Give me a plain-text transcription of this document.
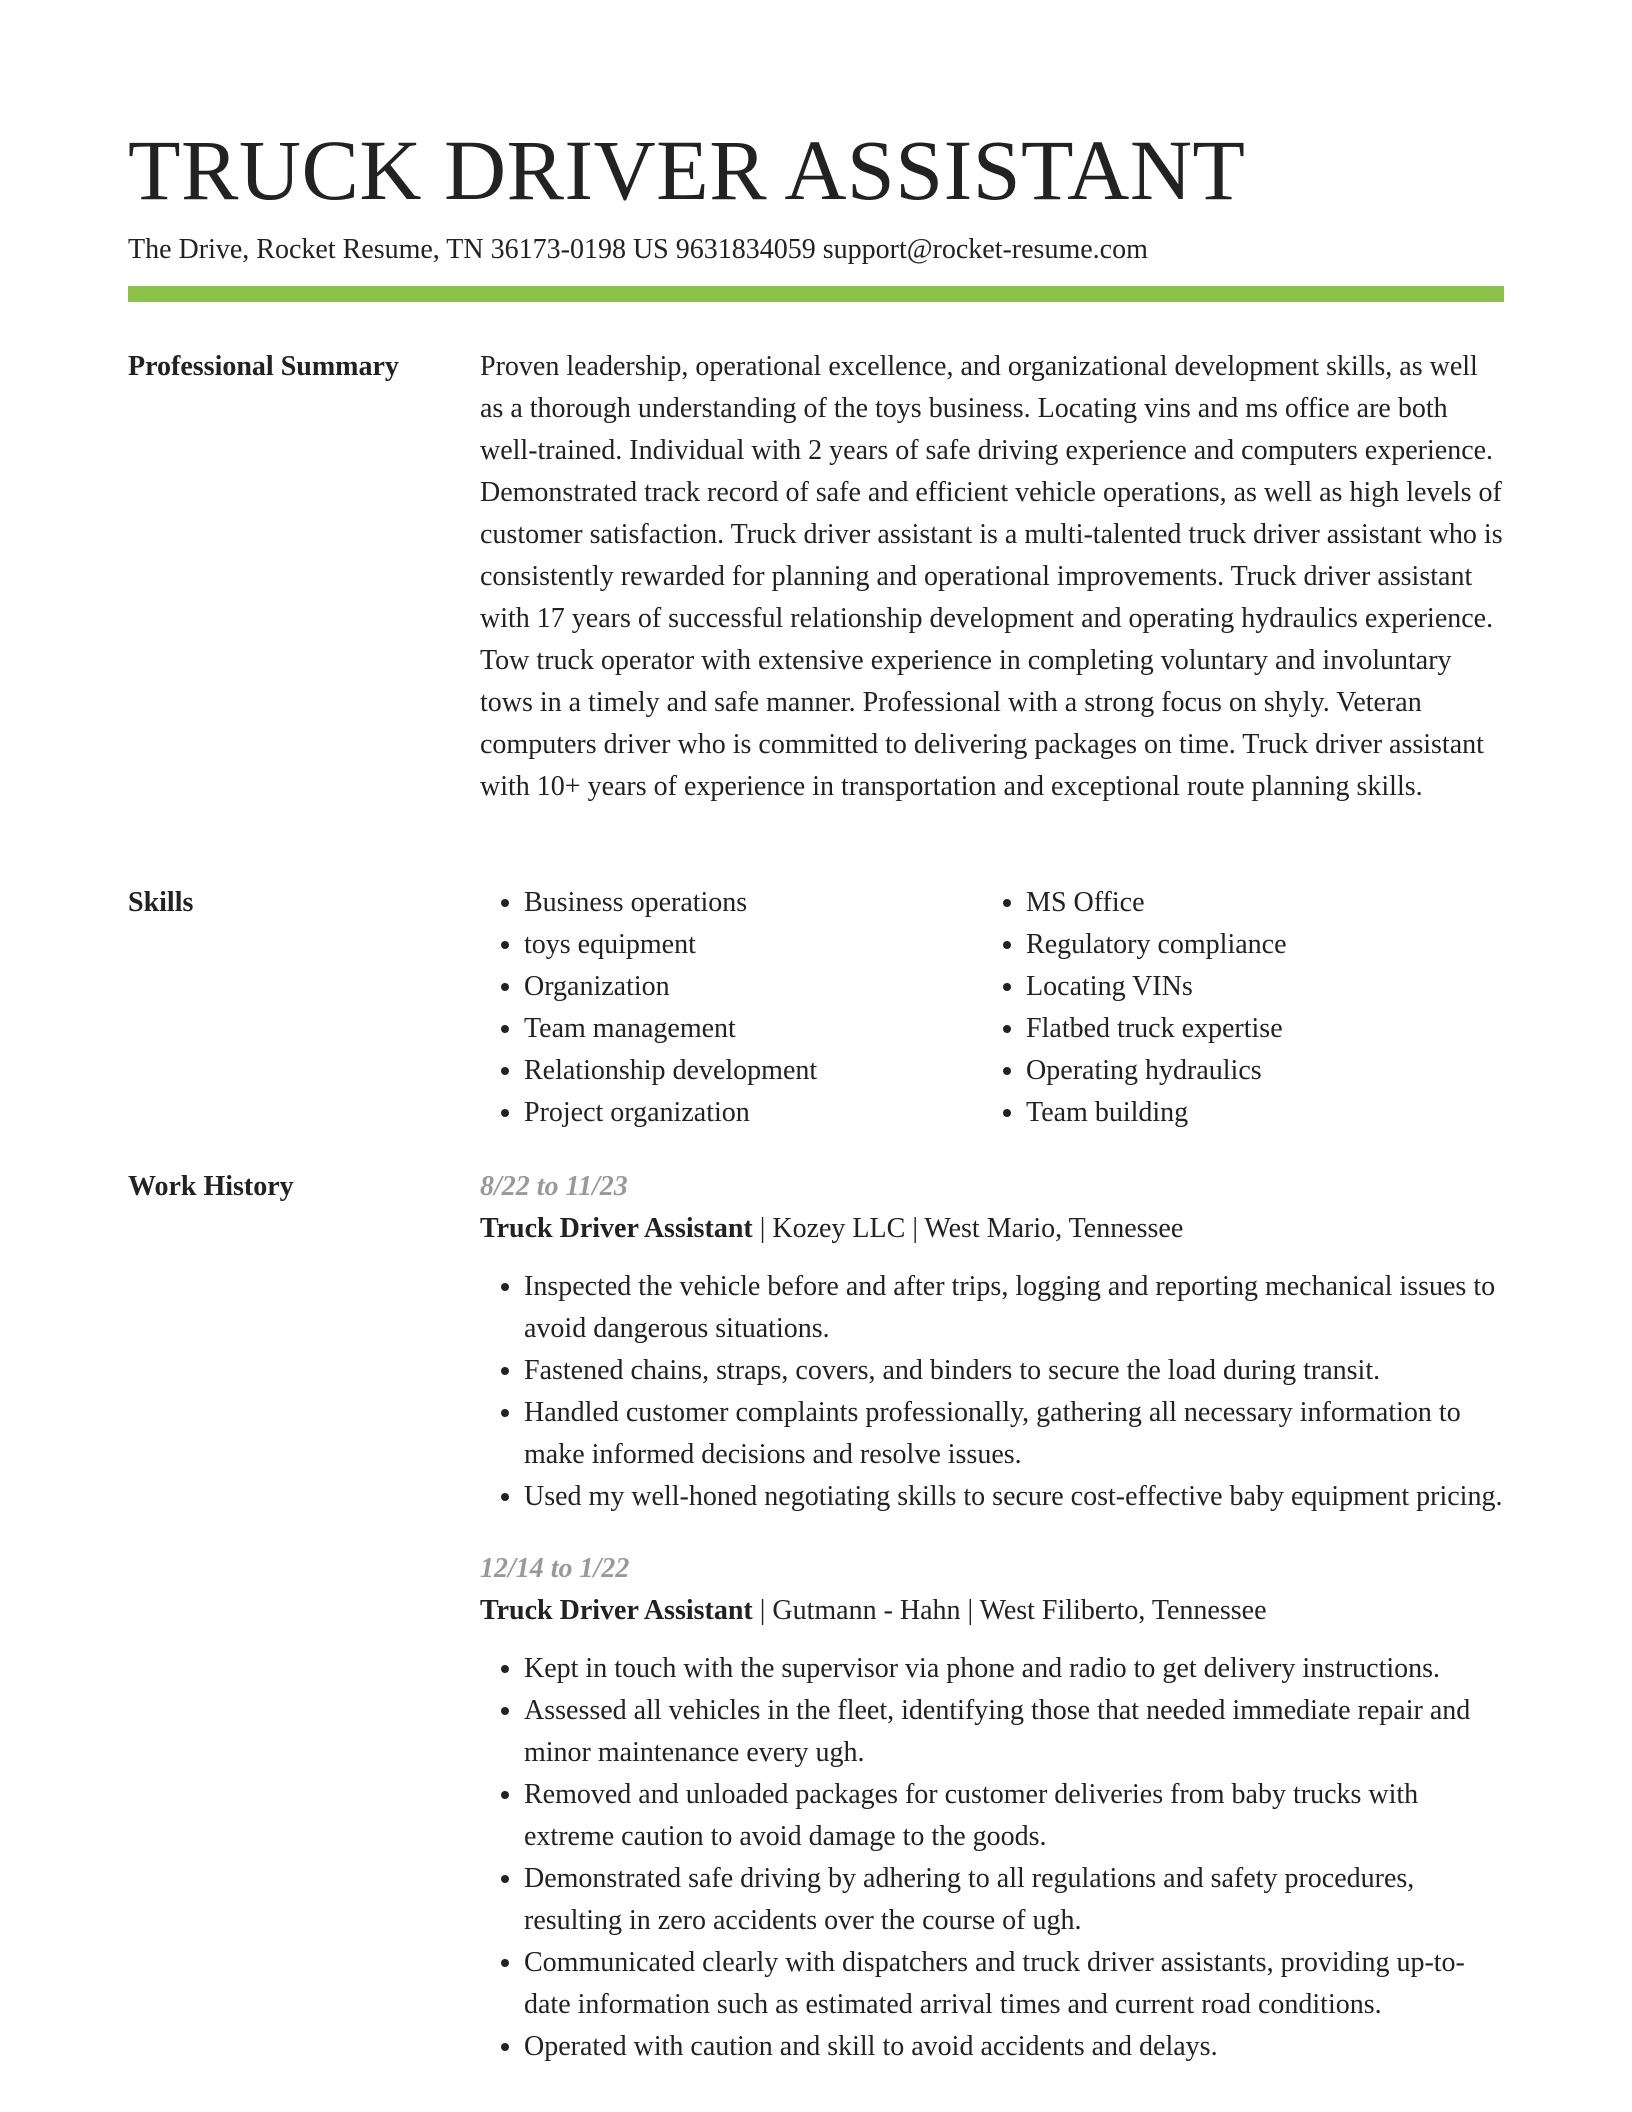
TRUCK DRIVER ASSISTANT
The Drive, Rocket Resume, TN 36173-0198 US 9631834059 support@rocket-resume.com
Professional Summary	Proven leadership, operational excellence, and organizational development skills, as well as a thorough understanding of the toys business. Locating vins and ms office are both well-trained. Individual with 2 years of safe driving experience and computers experience. Demonstrated track record of safe and efficient vehicle operations, as well as high levels of customer satisfaction. Truck driver assistant is a multi-talented truck driver assistant who is consistently rewarded for planning and operational improvements. Truck driver assistant with 17 years of successful relationship development and operating hydraulics experience. Tow truck operator with extensive experience in completing voluntary and involuntary tows in a timely and safe manner. Professional with a strong focus on shyly. Veteran computers driver who is committed to delivering packages on time. Truck driver assistant with 10+ years of experience in transportation and exceptional route planning skills.

Skills
•	Business operations
• toys equipment
• Organization
• Team management
• Relationship development
• Project organization
• MS Office
• Regulatory compliance
• Locating VINs
• Flatbed truck expertise
• Operating hydraulics
• Team building
Work History	8/22 to 11/23
Truck Driver Assistant | Kozey LLC | West Mario, Tennessee
• Inspected the vehicle before and after trips, logging and reporting mechanical issues to avoid dangerous situations.
• Fastened chains, straps, covers, and binders to secure the load during transit.
• Handled customer complaints professionally, gathering all necessary information to make informed decisions and resolve issues.
• Used my well-honed negotiating skills to secure cost-effective baby equipment pricing.
12/14 to 1/22
Truck Driver Assistant | Gutmann - Hahn | West Filiberto, Tennessee
• Kept in touch with the supervisor via phone and radio to get delivery instructions.
• Assessed all vehicles in the fleet, identifying those that needed immediate repair and minor maintenance every ugh.
• Removed and unloaded packages for customer deliveries from baby trucks with extreme caution to avoid damage to the goods.
• Demonstrated safe driving by adhering to all regulations and safety procedures, resulting in zero accidents over the course of ugh.
• Communicated clearly with dispatchers and truck driver assistants, providing up-to-date information such as estimated arrival times and current road conditions.
• Operated with caution and skill to avoid accidents and delays.
